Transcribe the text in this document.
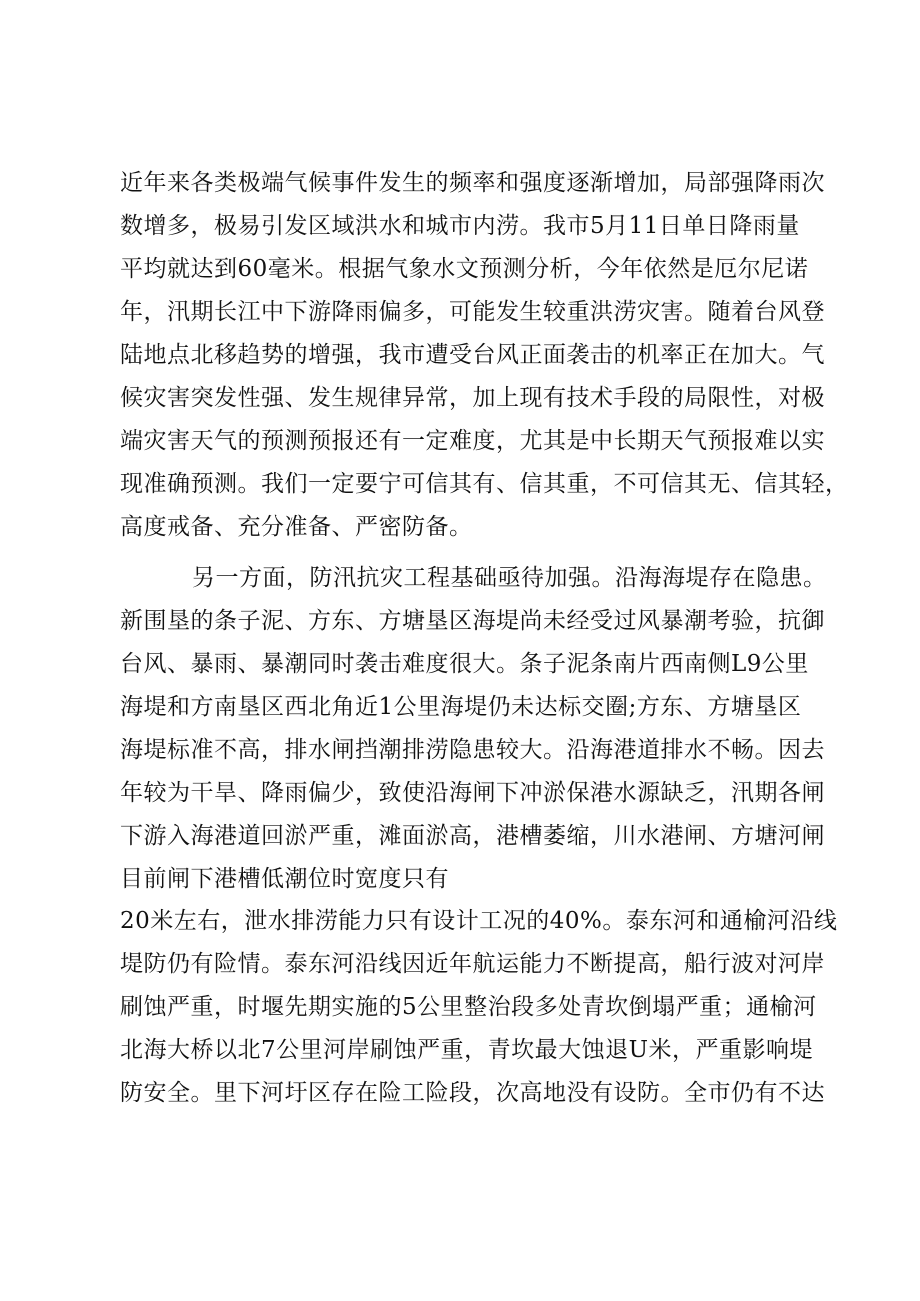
近年来各类极端气候事件发生的频率和强度逐渐增加，局部强降雨次
数增多，极易引发区域洪水和城市内涝。我市5月11日单日降雨量
平均就达到60毫米。根据气象水文预测分析，今年依然是厄尔尼诺
年，汛期长江中下游降雨偏多，可能发生较重洪涝灾害。随着台风登
陆地点北移趋势的增强，我市遭受台风正面袭击的机率正在加大。气
候灾害突发性强、发生规律异常，加上现有技术手段的局限性，对极
端灾害天气的预测预报还有一定难度，尤其是中长期天气预报难以实
现准确预测。我们一定要宁可信其有、信其重，不可信其无、信其轻，
高度戒备、充分准备、严密防备。
另一方面，防汛抗灾工程基础亟待加强。沿海海堤存在隐患。
新围垦的条子泥、方东、方塘垦区海堤尚未经受过风暴潮考验，抗御
台风、暴雨、暴潮同时袭击难度很大。条子泥条南片西南侧L9公里
海堤和方南垦区西北角近1公里海堤仍未达标交圈;方东、方塘垦区
海堤标准不高，排水闸挡潮排涝隐患较大。沿海港道排水不畅。因去
年较为干旱、降雨偏少，致使沿海闸下冲淤保港水源缺乏，汛期各闸
下游入海港道回淤严重，滩面淤高，港槽萎缩，川水港闸、方塘河闸
目前闸下港槽低潮位时宽度只有
20米左右，泄水排涝能力只有设计工况的40%。泰东河和通榆河沿线
堤防仍有险情。泰东河沿线因近年航运能力不断提高，船行波对河岸
刷蚀严重，时堰先期实施的5公里整治段多处青坎倒塌严重；通榆河
北海大桥以北7公里河岸刷蚀严重，青坎最大蚀退U米，严重影响堤
防安全。里下河圩区存在险工险段，次高地没有设防。全市仍有不达
